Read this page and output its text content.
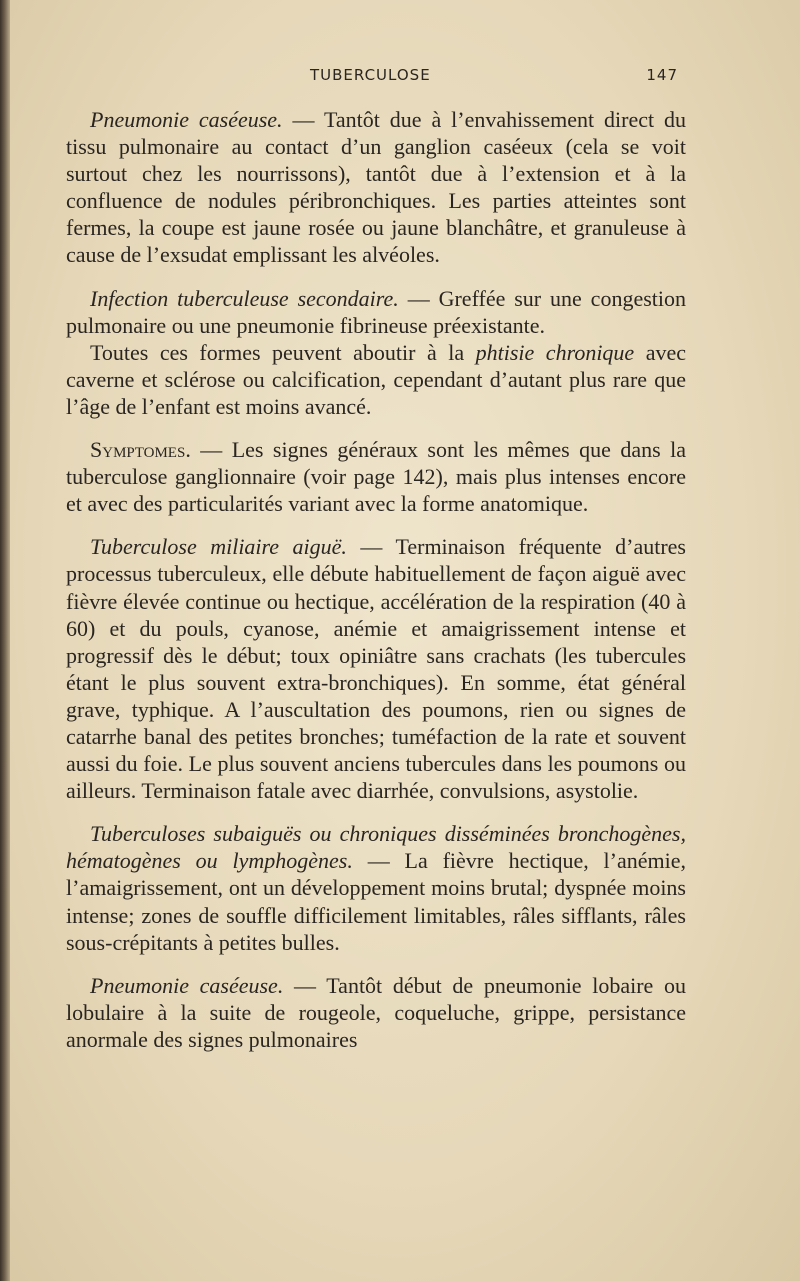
TUBERCULOSE	147

Pneumonie caséeuse. — Tantôt due à l’envahissement direct du tissu pulmonaire au contact d’un ganglion caséeux (cela se voit surtout chez les nourrissons), tantôt due à l’extension et à la confluence de nodules péribronchiques. Les parties atteintes sont fermes, la coupe est jaune rosée ou jaune blanchâtre, et granuleuse à cause de l’exsudat emplissant les alvéoles.

Infection tuberculeuse secondaire. — Greffée sur une congestion pulmonaire ou une pneumonie fibrineuse préexistante.

Toutes ces formes peuvent aboutir à la phtisie chronique avec caverne et sclérose ou calcification, cependant d’autant plus rare que l’âge de l’enfant est moins avancé.

Symptomes. — Les signes généraux sont les mêmes que dans la tuberculose ganglionnaire (voir page 142), mais plus intenses encore et avec des particularités variant avec la forme anatomique.

Tuberculose miliaire aiguë. — Terminaison fréquente d’autres processus tuberculeux, elle débute habituellement de façon aiguë avec fièvre élevée continue ou hectique, accélération de la respiration (40 à 60) et du pouls, cyanose, anémie et amaigrissement intense et progressif dès le début; toux opiniâtre sans crachats (les tubercules étant le plus souvent extra-bronchiques). En somme, état général grave, typhique. A l’auscultation des poumons, rien ou signes de catarrhe banal des petites bronches; tuméfaction de la rate et souvent aussi du foie. Le plus souvent anciens tubercules dans les poumons ou ailleurs. Terminaison fatale avec diarrhée, convulsions, asystolie.

Tuberculoses subaiguës ou chroniques disséminées bronchogènes, hématogènes ou lymphogènes. — La fièvre hectique, l’anémie, l’amaigrissement, ont un développement moins brutal; dyspnée moins intense; zones de souffle difficilement limitables, râles sifflants, râles sous-crépitants à petites bulles.

Pneumonie caséeuse. — Tantôt début de pneumonie lobaire ou lobulaire à la suite de rougeole, coqueluche, grippe, persistance anormale des signes pulmonaires
